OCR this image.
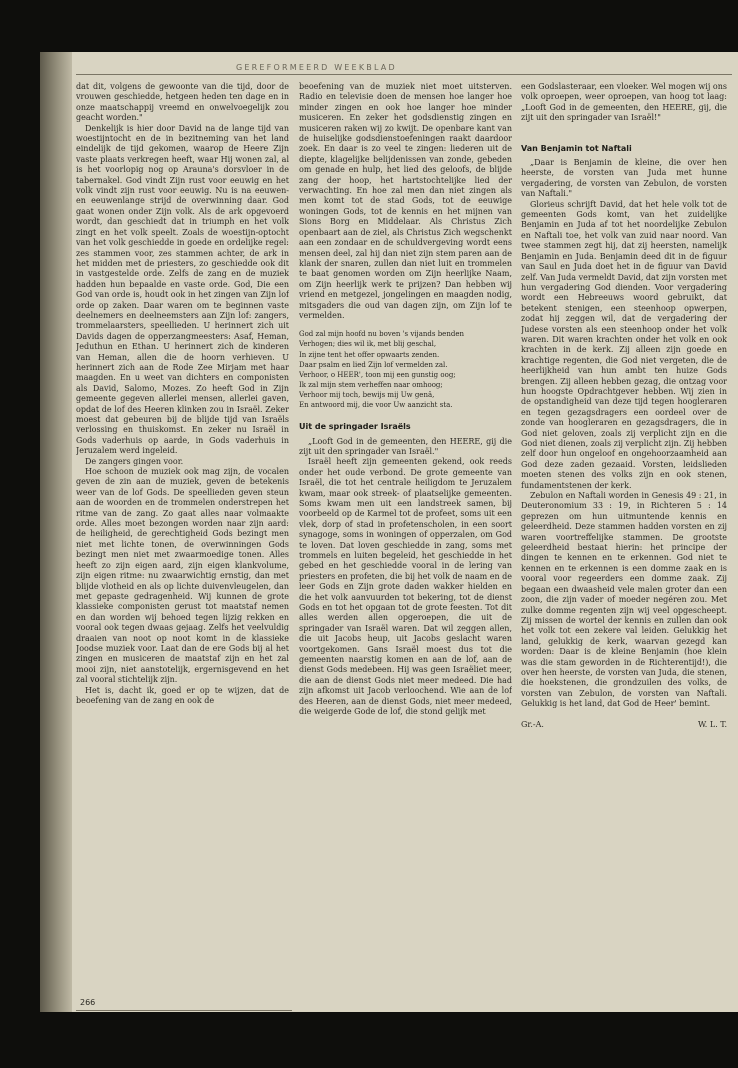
GEREFORMEERD WEEKBLAD

dat dit, volgens de gewoonte van die tijd, door de vrouwen geschiedde, hetgeen heden ten dage en in onze maatschappij vreemd en onwelvoegelijk zou geacht worden."

Denkelijk is hier door David na de lange tijd van woestijntocht en de in bezitneming van het land eindelijk de tijd gekomen, waarop de Heere Zijn vaste plaats verkregen heeft, waar Hij wonen zal, al is het voorlopig nog op Arauna's dorsvloer in de tabernakel. God vindt Zijn rust voor eeuwig en het volk vindt zijn rust voor eeuwig. Nu is na eeuwen- en eeuwenlange strijd de overwinning daar. God gaat wonen onder Zijn volk. Als de ark opgevoerd wordt, dan geschiedt dat in triumph en het volk zingt en het volk speelt. Zoals de woestijn-optocht van het volk geschiedde in goede en ordelijke regel: zes stammen voor, zes stammen achter, de ark in het midden met de priesters, zo geschiedde ook dit in vastgestelde orde. Zelfs de zang en de muziek hadden hun bepaalde en vaste orde. God, Die een God van orde is, houdt ook in het zingen van Zijn lof orde op zaken. Daar waren om te beginnen vaste deelnemers en deelneemsters aan Zijn lof: zangers, trommelaarsters, speellieden. U herinnert zich uit Davids dagen de opperzangmeesters: Asaf, Heman, Jeduthun en Ethan. U herinnert zich de kinderen van Heman, allen die de hoorn verhieven. U herinnert zich aan de Rode Zee Mirjam met haar maagden. En u weet van dichters en componisten als David, Salomo, Mozes. Zo heeft God in Zijn gemeente gegeven allerlei mensen, allerlei gaven, opdat de lof des Heeren klinken zou in Israël. Zeker moest dat gebeuren bij de blijde tijd van Israëls verlossing en thuiskomst. En zeker nu Israël in Gods vaderhuis op aarde, in Gods vaderhuis in Jeruzalem werd ingeleid.

De zangers gingen voor.

Hoe schoon de muziek ook mag zijn, de vocalen geven de zin aan de muziek, geven de betekenis weer van de lof Gods. De speellieden geven steun aan de woorden en de trommelen onderstrepen het ritme van de zang. Zo gaat alles naar volmaakte orde. Alles moet bezongen worden naar zijn aard: de heiligheid, de gerechtigheid Gods bezingt men niet met lichte tonen, de overwinningen Gods bezingt men niet met zwaarmoedige tonen. Alles heeft zo zijn eigen aard, zijn eigen klankvolume, zijn eigen ritme: nu zwaarwichtig ernstig, dan met blijde vlotheid en als op lichte duivenvleugelen, dan met gepaste gedragenheid. Wij kunnen de grote klassieke componisten gerust tot maatstaf nemen en dan worden wij behoed tegen lijzig rekken en vooral ook tegen dwaas gejaag. Zelfs het veelvuldig draaien van noot op noot komt in de klassieke Joodse muziek voor. Laat dan de ere Gods bij al het zingen en musiceren de maatstaf zijn en het zal mooi zijn, niet aanstotelijk, ergernisgevend en het zal vooral stichtelijk zijn.

Het is, dacht ik, goed er op te wijzen, dat de beoefening van de zang en ook de

beoefening van de muziek niet moet uitsterven. Radio en televisie doen de mensen hoe langer hoe minder zingen en ook hoe langer hoe minder musiceren. En zeker het godsdienstig zingen en musiceren raken wij zo kwijt. De openbare kant van de huiselijke godsdienstoefeningen raakt daardoor zoek. En daar is zo veel te zingen: liederen uit de diepte, klagelijke belijdenissen van zonde, gebeden om genade en hulp, het lied des geloofs, de blijde zang der hoop, het hartstochtelijke lied der verwachting. En hoe zal men dan niet zingen als men komt tot de stad Gods, tot de eeuwige woningen Gods, tot de kennis en het mijnen van Sions Borg en Middelaar. Als Christus Zich openbaart aan de ziel, als Christus Zich wegschenkt aan een zondaar en de schuldvergeving wordt eens mensen deel, zal hij dan niet zijn stem paren aan de klank der snaren, zullen dan niet luit en trommelen te baat genomen worden om Zijn heerlijke Naam, om Zijn heerlijk werk te prijzen? Dan hebben wij vriend en metgezel, jongelingen en maagden nodig, mitsgaders die oud van dagen zijn, om Zijn lof te vermelden.

God zal mijn hoofd nu boven 's vijands benden
Verhogen; dies wil ik, met blij geschal,
In zijne tent het offer opwaarts zenden.
Daar psalm en lied Zijn lof vermelden zal.
Verhoor, o HEER', toon mij een gunstig oog;
Ik zal mijn stem verheffen naar omhoog;
Verhoor mij toch, bewijs mij Uw genâ,
En antwoord mij, die voor Uw aanzicht sta.
Uit de springader Israëls

„Looft God in de gemeenten, den HEERE, gij die zijt uit den springader van Israël."

Israël heeft zijn gemeenten gekend, ook reeds onder het oude verbond. De grote gemeente van Israël, die tot het centrale heiligdom te Jeruzalem kwam, maar ook streek- of plaatselijke gemeenten. Soms kwam men uit een landstreek samen, bij voorbeeld op de Karmel tot de profeet, soms uit een vlek, dorp of stad in profetenscholen, in een soort synagoge, soms in woningen of opperzalen, om God te loven. Dat loven geschiedde in zang, soms met trommels en luiten begeleid, het geschiedde in het gebed en het geschiedde vooral in de lering van priesters en profeten, die bij het volk de naam en de leer Gods en Zijn grote daden wakker hielden en die het volk aanvuurden tot bekering, tot de dienst Gods en tot het opgaan tot de grote feesten. Tot dit alles werden allen opgeroepen, die uit de springader van Israël waren. Dat wil zeggen allen, die uit Jacobs heup, uit Jacobs geslacht waren voortgekomen. Gans Israël moest dus tot die gemeenten naarstig komen en aan de lof, aan de dienst Gods medebeen. Hij was geen Israëliet meer, die aan de dienst Gods niet meer medeed. Die had zijn afkomst uit Jacob verloochend. Wie aan de lof des Heeren, aan de dienst Gods, niet meer medeed, die weigerde Gode de lof, die stond gelijk met

een Godslasteraar, een vloeker. Wel mogen wij ons volk oproepen, weer oproepen, van hoog tot laag: „Looft God in de gemeenten, den HEERE, gij, die zijt uit den springader van Israël!"

Van Benjamin tot Naftali

„Daar is Benjamin de kleine, die over hen heerste, de vorsten van Juda met hunne vergadering, de vorsten van Zebulon, de vorsten van Naftali."

Glorieus schrijft David, dat het hele volk tot de gemeenten Gods komt, van het zuidelijke Benjamin en Juda af tot het noordelijke Zebulon en Naftali toe, het volk van zuid naar noord. Van twee stammen zegt hij, dat zij heersten, namelijk Benjamin en Juda. Benjamin deed dit in de figuur van Saul en Juda doet het in de figuur van David zelf. Van Juda vermeldt David, dat zijn vorsten met hun vergadering God dienden. Voor vergadering wordt een Hebreeuws woord gebruikt, dat betekent stenigen, een steenhoop opwerpen, zodat hij zeggen wil, dat de vergadering der Judese vorsten als een steenhoop onder het volk waren. Dit waren krachten onder het volk en ook krachten in de kerk. Zij alleen zijn goede en krachtige regenten, die God niet vergeten, die de heerlijkheid van hun ambt ten huize Gods brengen. Zij alleen hebben gezag, die ontzag voor hun hoogste Opdrachtgever hebben. Wij zien in de opstandigheid van deze tijd tegen hoogleraren en tegen gezagsdragers een oordeel over de zonde van hoogleraren en gezagsdragers, die in God niet geloven, zoals zij verplicht zijn en die God niet dienen, zoals zij verplicht zijn. Zij hebben zelf door hun ongeloof en ongehoorzaamheid aan God deze zaden gezaaid. Vorsten, leidslieden moeten stenen des volks zijn en ook stenen, fundamentstenen der kerk.

Zebulon en Naftali worden in Genesis 49 : 21, in Deuteronomium 33 : 19, in Richteren 5 : 14 geprezen om hun uitmuntende kennis en geleerdheid. Deze stammen hadden vorsten en zij waren voortreffelijke stammen. De grootste geleerdheid bestaat hierin: het principe der dingen te kennen en te erkennen. God niet te kennen en te erkennen is een domme zaak en is vooral voor regeerders een domme zaak. Zij begaan een dwaasheid vele malen groter dan een zoon, die zijn vader of moeder negéren zou. Met zulke domme regenten zijn wij veel opgescheept. Zij missen de wortel der kennis en zullen dan ook het volk tot een zekere val leiden. Gelukkig het land, gelukkig de kerk, waarvan gezegd kan worden: Daar is de kleine Benjamin (hoe klein was die stam geworden in de Richterentijd!), die over hen heerste, de vorsten van Juda, die stenen, die hoekstenen, die grondzuilen des volks, de vorsten van Zebulon, de vorsten van Naftali. Gelukkig is het land, dat God de Heer' bemint.

Gr.-A.	W. L. T.
266
